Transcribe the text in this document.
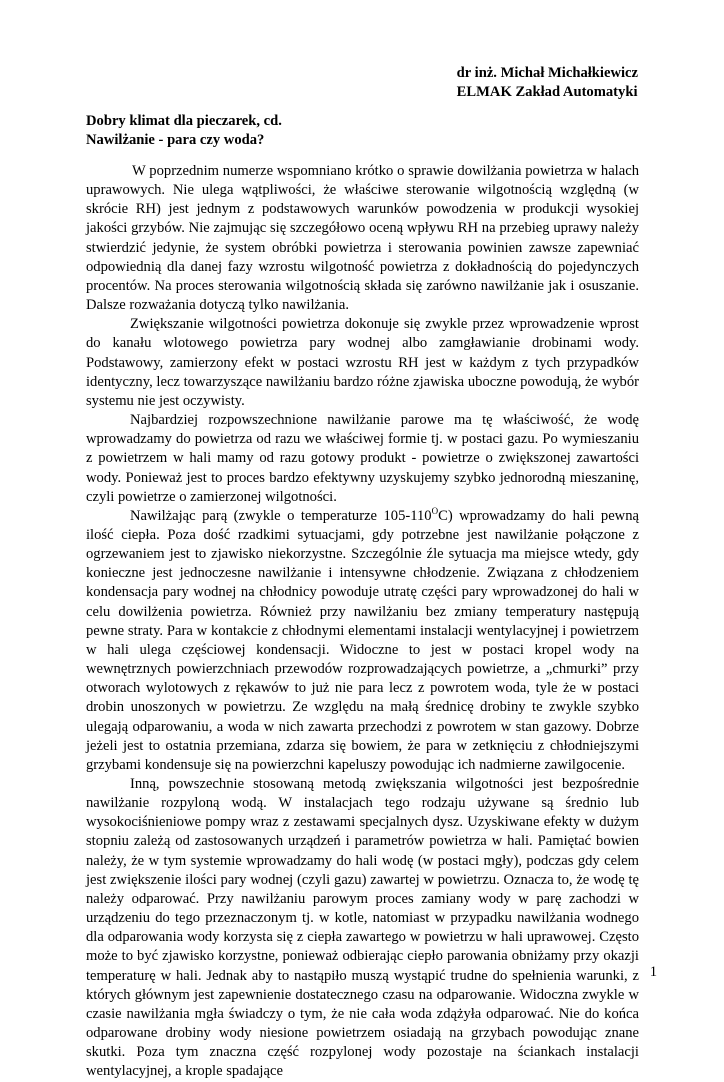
dr inż. Michał Michałkiewicz
ELMAK Zakład Automatyki
Dobry klimat dla pieczarek, cd.
Nawilżanie - para czy woda?

W poprzednim numerze wspomniano krótko o sprawie dowilżania powietrza w halach uprawowych. Nie ulega wątpliwości, że właściwe sterowanie wilgotnością względną (w skrócie RH) jest jednym z podstawowych warunków powodzenia w produkcji wysokiej jakości grzybów. Nie zajmując się szczegółowo oceną wpływu RH na przebieg uprawy należy stwierdzić jedynie, że system obróbki powietrza i sterowania powinien zawsze zapewniać odpowiednią dla danej fazy wzrostu wilgotność powietrza z dokładnością do pojedynczych procentów. Na proces sterowania wilgotnością składa się zarówno nawilżanie jak i osuszanie. Dalsze rozważania dotyczą tylko nawilżania.

Zwiększanie wilgotności powietrza dokonuje się zwykle przez wprowadzenie wprost do kanału wlotowego powietrza pary wodnej albo zamgławianie drobinami wody. Podstawowy, zamierzony efekt w postaci wzrostu RH jest w każdym z tych przypadków identyczny, lecz towarzyszące nawilżaniu bardzo różne zjawiska uboczne powodują, że wybór systemu nie jest oczywisty.

Najbardziej rozpowszechnione nawilżanie parowe ma tę właściwość, że wodę wprowadzamy do powietrza od razu we właściwej formie tj. w postaci gazu. Po wymieszaniu z powietrzem w hali mamy od razu gotowy produkt - powietrze o zwiększonej zawartości wody. Ponieważ jest to proces bardzo efektywny uzyskujemy szybko jednorodną mieszaninę, czyli powietrze o zamierzonej wilgotności.

Nawilżając parą (zwykle o temperaturze $105-110^OC$) wprowadzamy do hali pewną ilość ciepła. Poza dość rzadkimi sytuacjami, gdy potrzebne jest nawilżanie połączone z ogrzewaniem jest to zjawisko niekorzystne. Szczególnie źle sytuacja ma miejsce wtedy, gdy konieczne jest jednoczesne nawilżanie i intensywne chłodzenie. Związana z chłodzeniem kondensacja pary wodnej na chłodnicy powoduje utratę części pary wprowadzonej do hali w celu dowilżenia powietrza. Również przy nawilżaniu bez zmiany temperatury następują pewne straty. Para w kontakcie z chłodnymi elementami instalacji wentylacyjnej i powietrzem w hali ulega częściowej kondensacji. Widoczne to jest w postaci kropel wody na wewnętrznych powierzchniach przewodów rozprowadzających powietrze, a „chmurki” przy otworach wylotowych z rękawów to już nie para lecz z powrotem woda, tyle że w postaci drobin unoszonych w powietrzu. Ze względu na małą średnicę drobiny te zwykle szybko ulegają odparowaniu, a woda w nich zawarta przechodzi z powrotem w stan gazowy. Dobrze jeżeli jest to ostatnia przemiana, zdarza się bowiem, że para w zetknięciu z chłodniejszymi grzybami kondensuje się na powierzchni kapeluszy powodując ich nadmierne zawilgocenie.

Inną, powszechnie stosowaną metodą zwiększania wilgotności jest bezpośrednie nawilżanie rozpyloną wodą. W instalacjach tego rodzaju używane są średnio lub wysokociśnieniowe pompy wraz z zestawami specjalnych dysz. Uzyskiwane efekty w dużym stopniu zależą od zastosowanych urządzeń i parametrów powietrza w hali. Pamiętać bowien należy, że w tym systemie wprowadzamy do hali wodę (w postaci mgły), podczas gdy celem jest zwiększenie ilości pary wodnej (czyli gazu) zawartej w powietrzu. Oznacza to, że wodę tę należy odparować. Przy nawilżaniu parowym proces zamiany wody w parę zachodzi w urządzeniu do tego przeznaczonym tj. w kotle, natomiast w przypadku nawilżania wodnego dla odparowania wody korzysta się z ciepła zawartego w powietrzu w hali uprawowej. Często może to być zjawisko korzystne, ponieważ odbierając ciepło parowania obniżamy przy okazji temperaturę w hali. Jednak aby to nastąpiło muszą wystąpić trudne do spełnienia warunki, z których głównym jest zapewnienie dostatecznego czasu na odparowanie. Widoczna zwykle w czasie nawilżania mgła świadczy o tym, że nie cała woda zdążyła odparować. Nie do końca odparowane drobiny wody niesione powietrzem osiadają na grzybach powodując znane skutki. Poza tym znaczna część rozpylonej wody pozostaje na ściankach instalacji wentylacyjnej, a krople spadające

1
